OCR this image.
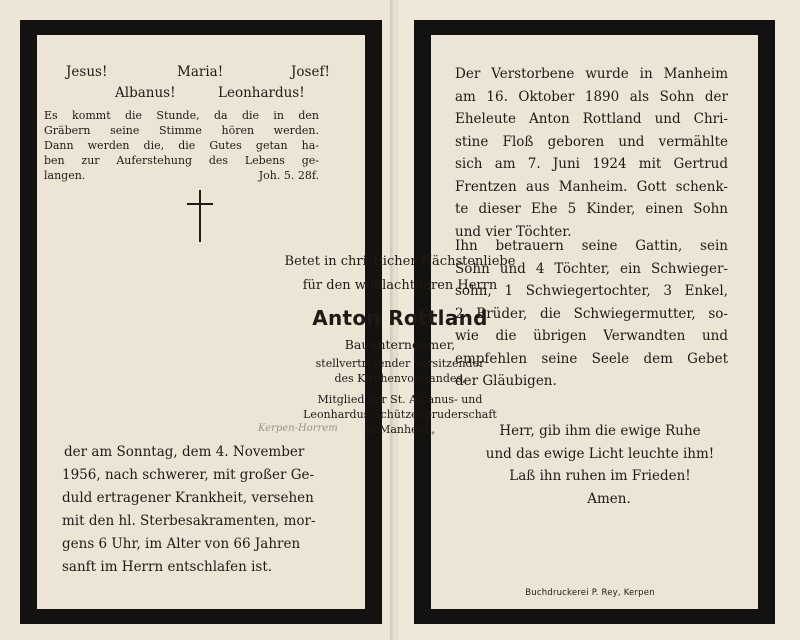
Jesus!	Maria!	Josef!
Albanus!	Leonhardus!
Es kommt die Stunde, da die in den
Gräbern seine Stimme hören werden.
Dann werden die, die Gutes getan ha-
ben zur Auferstehung des Lebens ge-
langen.	Joh. 5. 28f.
Betet in christlicher Nächstenliebe
für den wohlachtbaren Herrn
Anton Rottland
Bauunternehmer,
stellvertretender Vorsitzender
des Kirchenvorstandes,
Mitglied der St. Albanus- und
Leonhardus-Schützenbruderschaft
in Manheim,
Kerpen-Horrem
der am Sonntag, dem 4. November
1956, nach schwerer, mit großer Ge-
duld ertragener Krankheit, versehen
mit den hl. Sterbesakramenten, mor-
gens 6 Uhr, im Alter von 66 Jahren
sanft im Herrn entschlafen ist.
Der Verstorbene wurde in Manheim
am 16. Oktober 1890 als Sohn der
Eheleute Anton Rottland und Chri-
stine Floß geboren und vermählte
sich am 7. Juni 1924 mit Gertrud
Frentzen aus Manheim. Gott schenk-
te dieser Ehe 5 Kinder, einen Sohn
und vier Töchter.
Ihn betrauern seine Gattin, sein
Sohn und 4 Töchter, ein Schwieger-
sohn, 1 Schwiegertochter, 3 Enkel,
2 Brüder, die Schwiegermutter, so-
wie die übrigen Verwandten und
empfehlen seine Seele dem Gebet
der Gläubigen.
Herr, gib ihm die ewige Ruhe
und das ewige Licht leuchte ihm!
Laß ihn ruhen im Frieden!
Amen.
Buchdruckerei P. Rey, Kerpen
